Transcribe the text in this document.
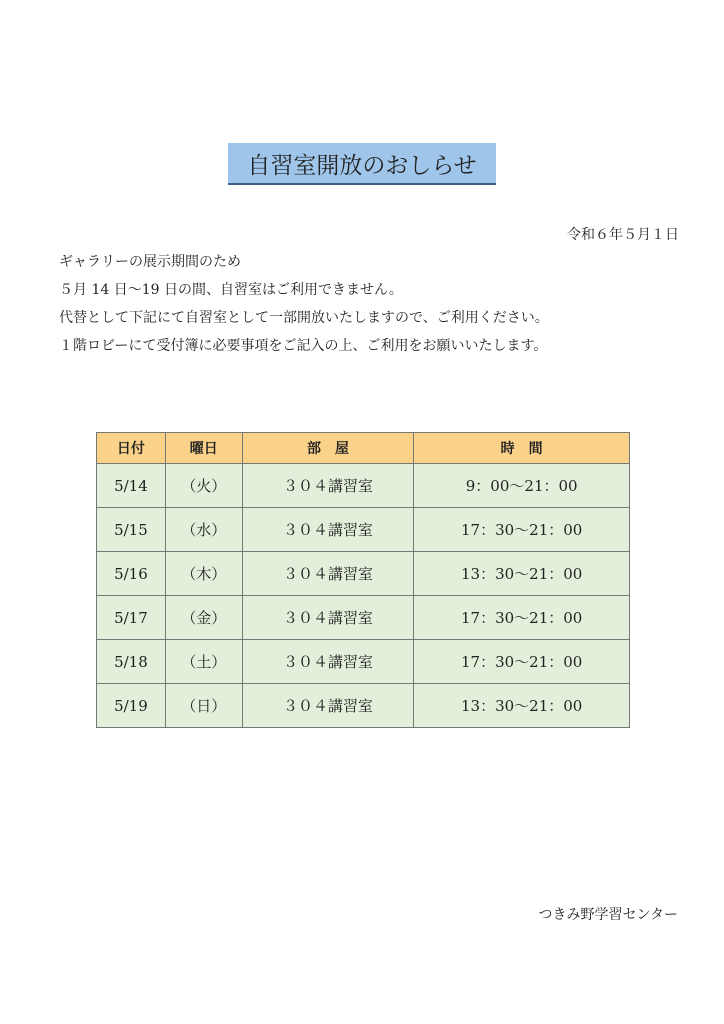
自習室開放のおしらせ
令和６年５月１日
ギャラリーの展示期間のため
５月 14 日〜19 日の間、自習室はご利用できません。
代替として下記にて自習室として一部開放いたしますので、ご利用ください。
１階ロビーにて受付簿に必要事項をご記入の上、ご利用をお願いいたします。
日付	曜日	部　屋	時　間
5/14	（火）	３０４講習室	9：00〜21：00
5/15	（水）	３０４講習室	17：30〜21：00
5/16	（木）	３０４講習室	13：30〜21：00
5/17	（金）	３０４講習室	17：30〜21：00
5/18	（土）	３０４講習室	17：30〜21：00
5/19	（日）	３０４講習室	13：30〜21：00
つきみ野学習センター
